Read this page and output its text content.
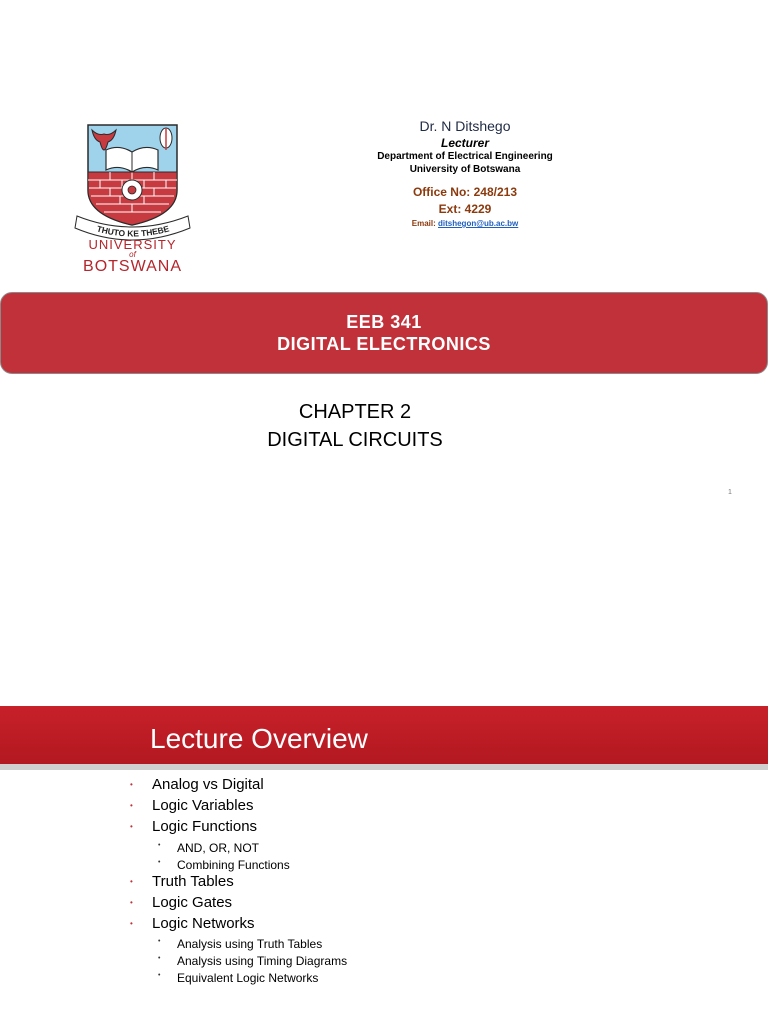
THUTO KE THEBE
UNIVERSITY
of
BOTSWANA
Dr. N Ditshego
Lecturer
Department of Electrical Engineering
University of Botswana
Office No: 248/213
Ext: 4229
Email: ditshegon@ub.ac.bw
EEB 341
DIGITAL ELECTRONICS
CHAPTER 2
DIGITAL CIRCUITS
1
Lecture Overview
• Analog vs Digital
• Logic Variables
• Logic Functions
• AND, OR, NOT
• Combining Functions
• Truth Tables
• Logic Gates
• Logic Networks
• Analysis using Truth Tables
• Analysis using Timing Diagrams
• Equivalent Logic Networks
